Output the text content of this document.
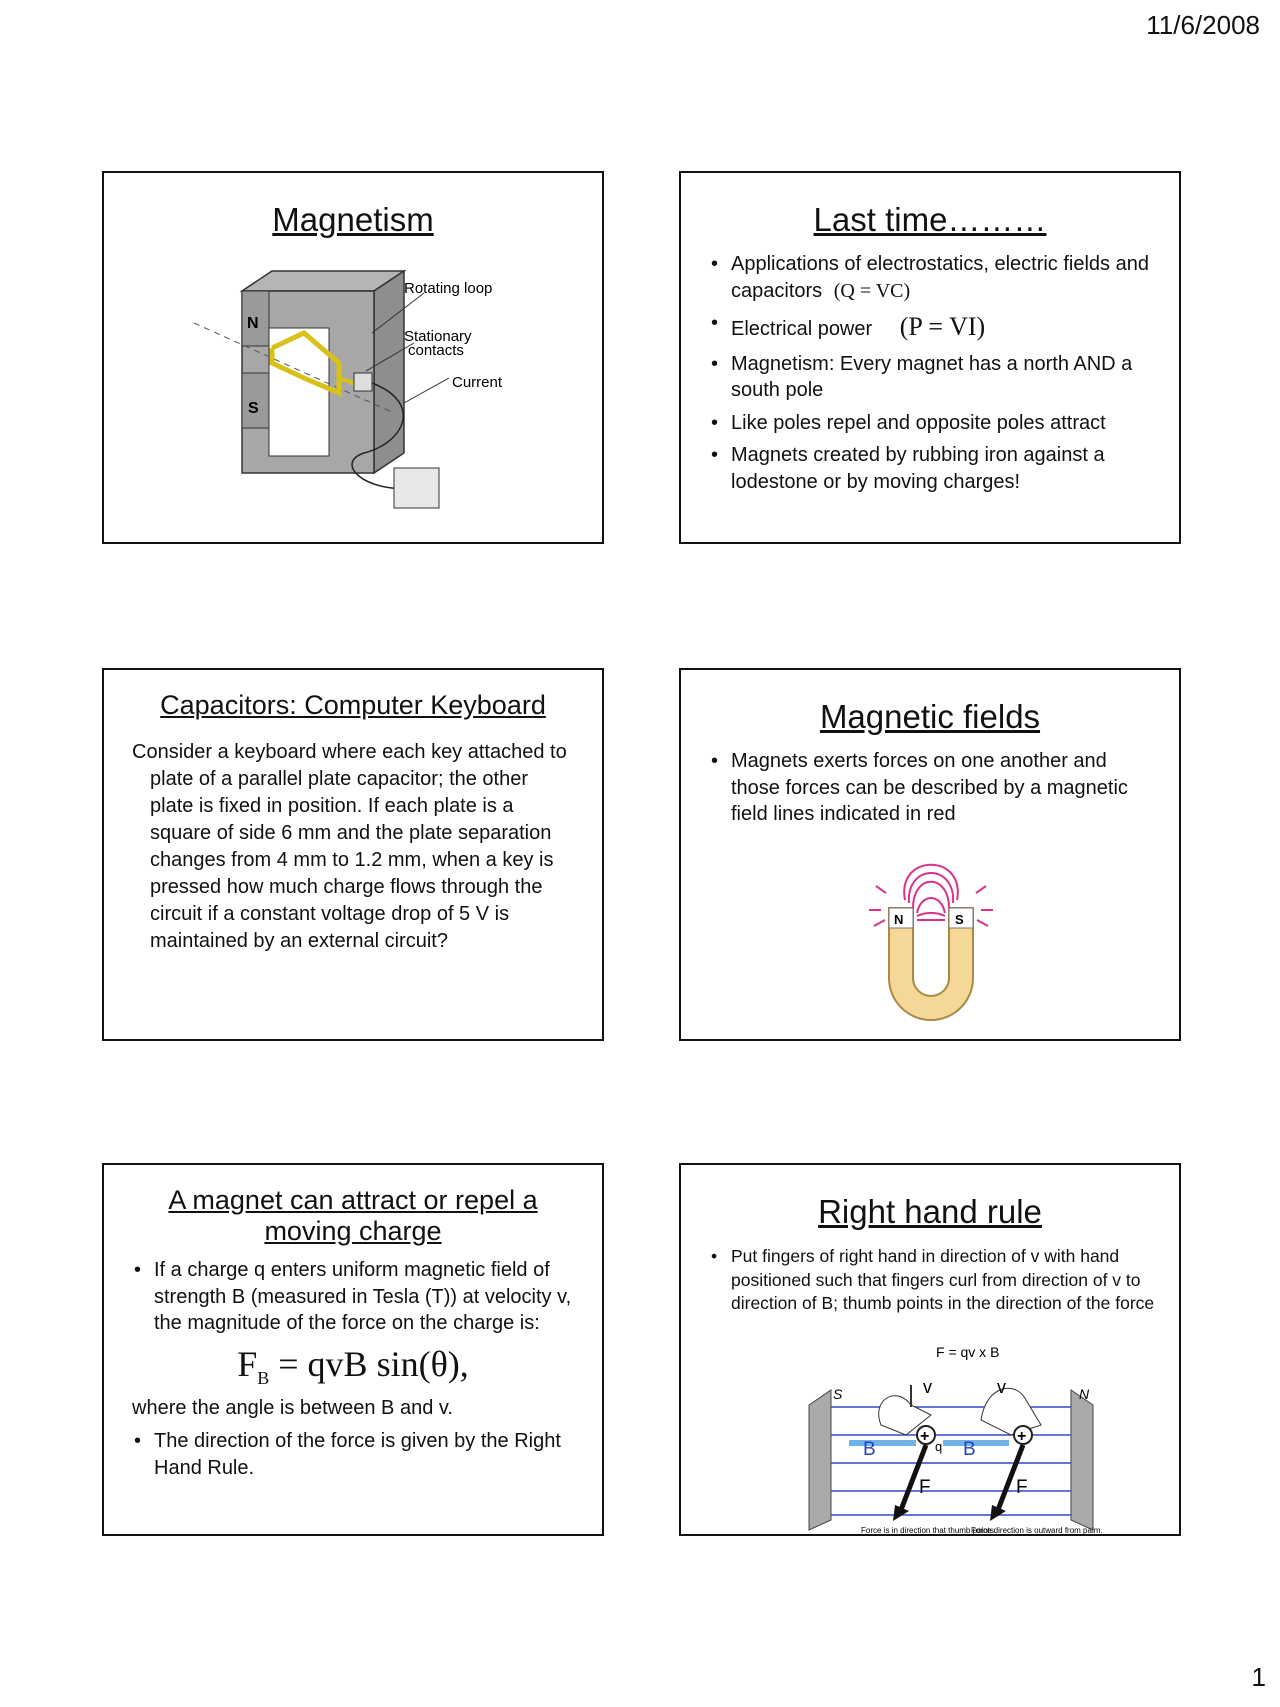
11/6/2008
Magnetism
N
S
Rotating loop
Stationary
contacts
Current
Last time………
• Applications of electrostatics, electric fields and capacitors (Q = VC)
• Electrical power (P = VI)
• Magnetism: Every magnet has a north AND a south pole
• Like poles repel and opposite poles attract
• Magnets created by rubbing iron against a lodestone or by moving charges!
Capacitors: Computer Keyboard
Consider a keyboard where each key attached to plate of a parallel plate capacitor; the other plate is fixed in position. If each plate is a square of side 6 mm and the plate separation changes from 4 mm to 1.2 mm, when a key is pressed how much charge flows through the circuit if a constant voltage drop of 5 V is maintained by an external circuit?
Magnetic fields
• Magnets exerts forces on one another and those forces can be described by a magnetic field lines indicated in red
N	S
A magnet can attract or repel a moving charge
• If a charge q enters uniform magnetic field of strength B (measured in Tesla (T)) at velocity v, the magnitude of the force on the charge is:
$F_B$ = qvB sin(θ),
where the angle is between B and v.
• The direction of the force is given by the Right Hand Rule.
Right hand rule
• Put fingers of right hand in direction of v with hand positioned such that fingers curl from direction of v to direction of B; thumb points in the direction of the force
F = qv x B
S	N
v	v
+	+
B	B
q
F	F
Force is in direction that thumb points.
Force direction is outward from palm.
1
